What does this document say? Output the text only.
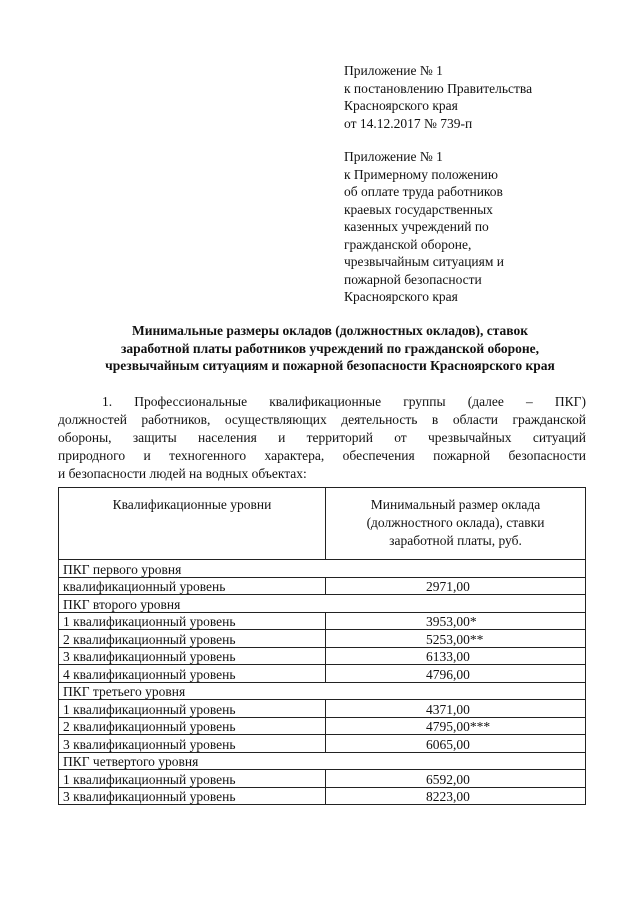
Приложение № 1
к постановлению Правительства
Красноярского края
от 14.12.2017 № 739-п
Приложение № 1
к Примерному положению
об оплате труда работников
краевых государственных
казенных учреждений по
гражданской обороне,
чрезвычайным ситуациям и
пожарной безопасности
Красноярского края
Минимальные размеры окладов (должностных окладов), ставок
заработной платы работников учреждений по гражданской обороне,
чрезвычайным ситуациям и пожарной безопасности Красноярского края
1. Профессиональные квалификационные группы (далее – ПКГ)
должностей работников, осуществляющих деятельность в области гражданской
обороны, защиты населения и территорий от чрезвычайных ситуаций
природного и техногенного характера, обеспечения пожарной безопасности
и безопасности людей на водных объектах:
Квалификационные уровни	Минимальный размер оклада
(должностного оклада), ставки
заработной платы, руб.

ПКГ первого уровня	
квалификационный уровень	2971,00
ПКГ второго уровня	
1 квалификационный уровень	3953,00*
2 квалификационный уровень	5253,00**
3 квалификационный уровень	6133,00
4 квалификационный уровень	4796,00
ПКГ третьего уровня	
1 квалификационный уровень	4371,00
2 квалификационный уровень	4795,00***
3 квалификационный уровень	6065,00
ПКГ четвертого уровня	
1 квалификационный уровень	6592,00
3 квалификационный уровень	8223,00
